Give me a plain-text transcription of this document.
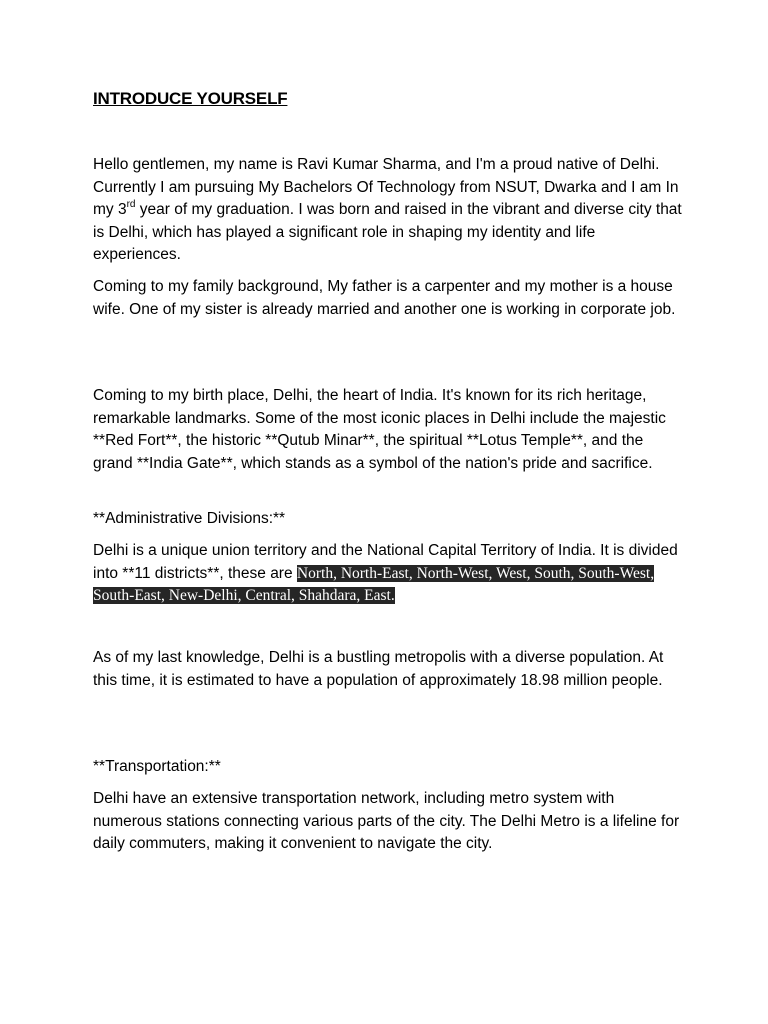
INTRODUCE YOURSELF

Hello gentlemen, my name is Ravi Kumar Sharma, and I'm a proud native of Delhi. Currently I am pursuing My Bachelors Of Technology from NSUT, Dwarka and I am In my 3rd year of my graduation. I was born and raised in the vibrant and diverse city that is Delhi, which has played a significant role in shaping my identity and life experiences.

Coming to my family background, My father is a carpenter and my mother is a house wife. One of my sister is already married and another one is working in corporate job.

Coming to my birth place, Delhi, the heart of India. It's known for its rich heritage, remarkable landmarks. Some of the most iconic places in Delhi include the majestic **Red Fort**, the historic **Qutub Minar**, the spiritual **Lotus Temple**, and the grand **India Gate**, which stands as a symbol of the nation's pride and sacrifice.

**Administrative Divisions:**

Delhi is a unique union territory and the National Capital Territory of India. It is divided into **11 districts**, these are North, North-East, North-West, West, South, South-West, South-East, New-Delhi, Central, Shahdara, East.

As of my last knowledge, Delhi is a bustling metropolis with a diverse population. At this time, it is estimated to have a population of approximately 18.98 million people.

**Transportation:**

Delhi have an extensive transportation network, including metro system with numerous stations connecting various parts of the city. The Delhi Metro is a lifeline for daily commuters, making it convenient to navigate the city.
